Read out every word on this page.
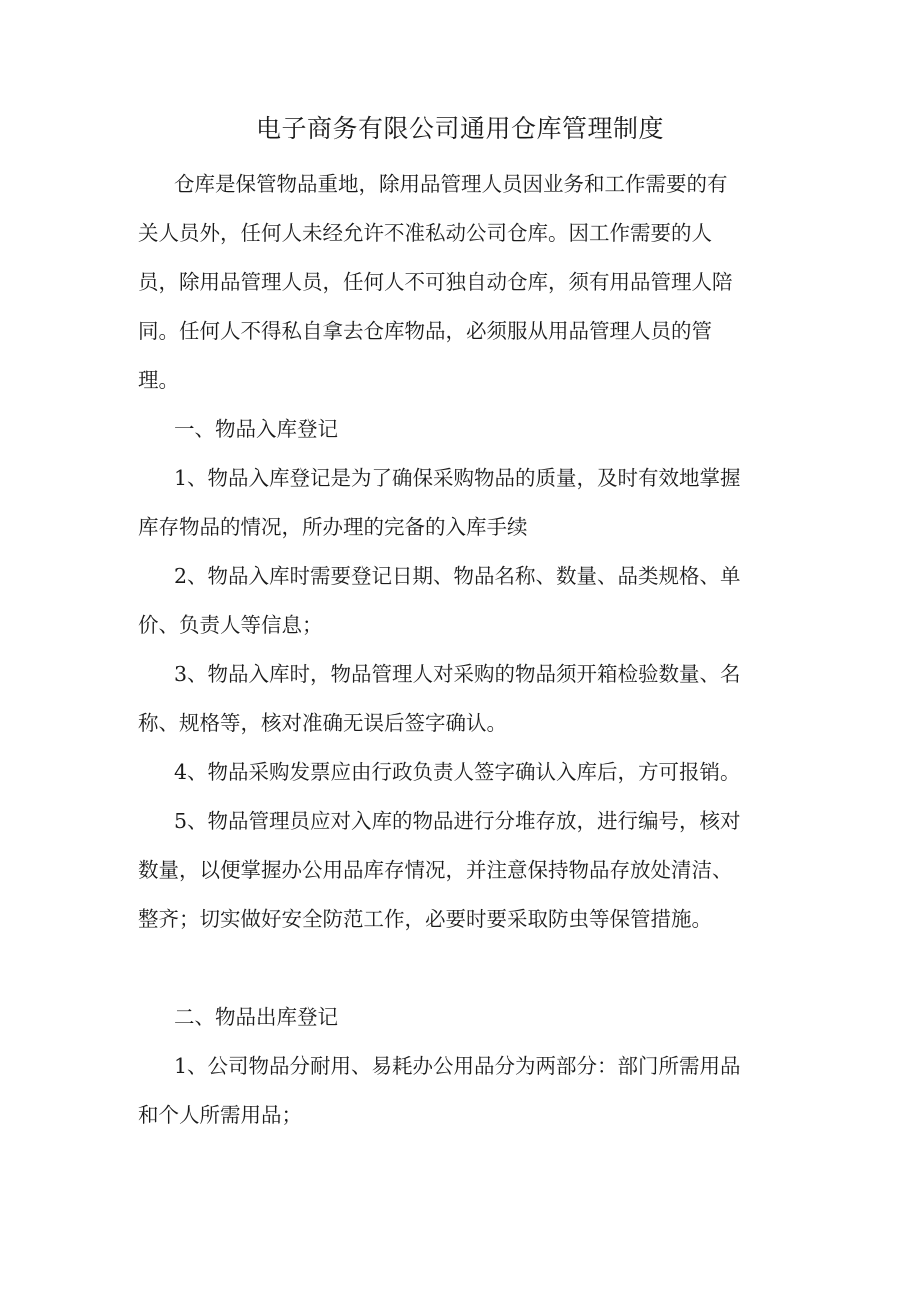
电子商务有限公司通用仓库管理制度

仓库是保管物品重地，除用品管理人员因业务和工作需要的有
关人员外，任何人未经允许不准私动公司仓库。因工作需要的人
员，除用品管理人员，任何人不可独自动仓库，须有用品管理人陪
同。任何人不得私自拿去仓库物品，必须服从用品管理人员的管
理。

一、物品入库登记

1、物品入库登记是为了确保采购物品的质量，及时有效地掌握
库存物品的情况，所办理的完备的入库手续

2、物品入库时需要登记日期、物品名称、数量、品类规格、单
价、负责人等信息；

3、物品入库时，物品管理人对采购的物品须开箱检验数量、名
称、规格等，核对准确无误后签字确认。

4、物品采购发票应由行政负责人签字确认入库后，方可报销。

5、物品管理员应对入库的物品进行分堆存放，进行编号，核对
数量，以便掌握办公用品库存情况，并注意保持物品存放处清洁、
整齐；切实做好安全防范工作，必要时要采取防虫等保管措施。

二、物品出库登记

1、公司物品分耐用、易耗办公用品分为两部分：部门所需用品
和个人所需用品；
